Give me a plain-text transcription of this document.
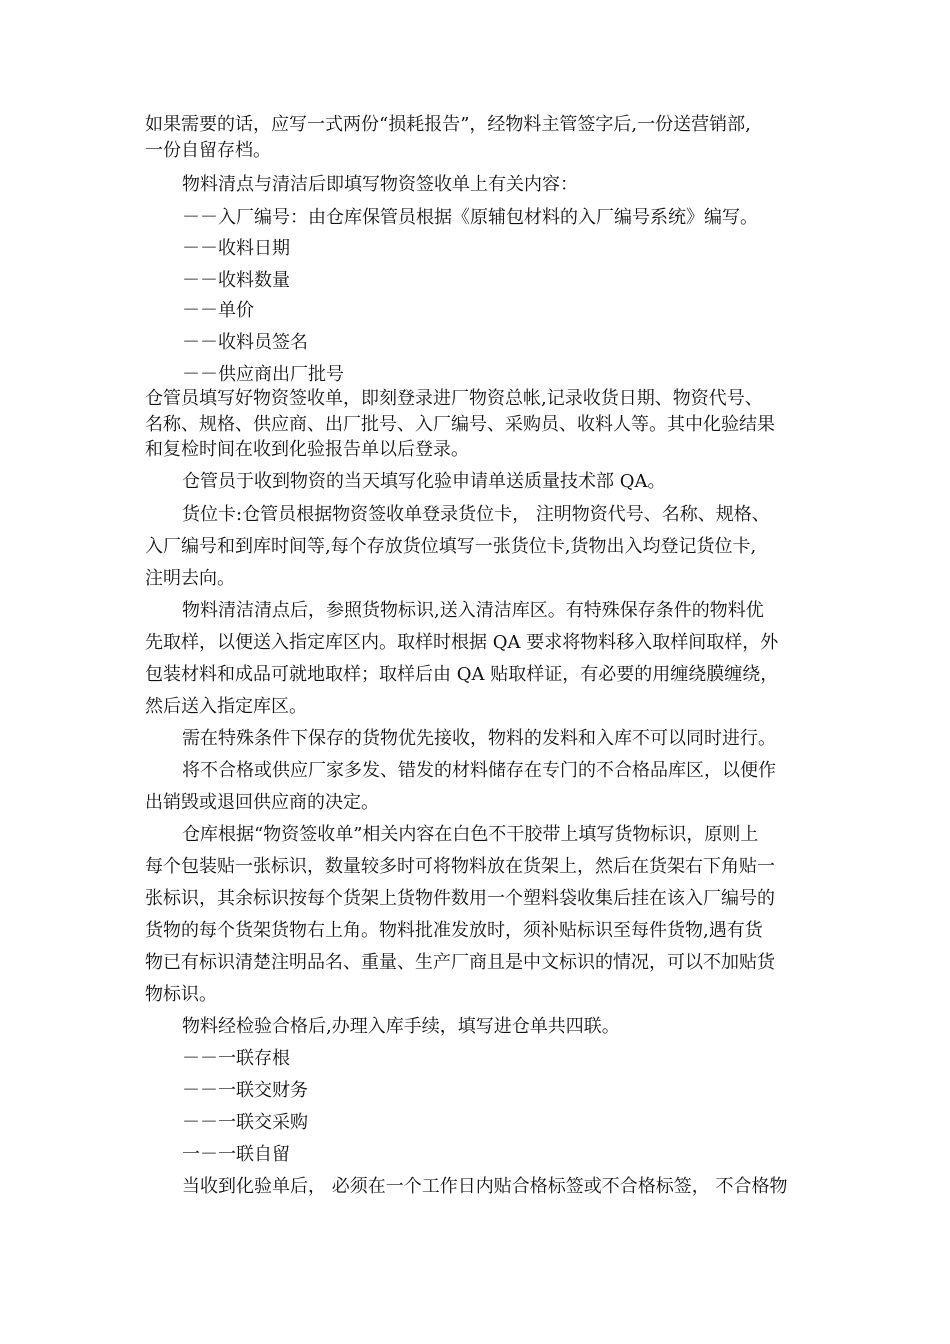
如果需要的话，应写一式两份“损耗报告”，经物料主管签字后,一份送营销部,
一份自留存档。
物料清点与清洁后即填写物资签收单上有关内容：
－－入厂编号：由仓库保管员根据《原辅包材料的入厂编号系统》编写。
－－收料日期
－－收料数量
－－单价
－－收料员签名
－－供应商出厂批号
仓管员填写好物资签收单，即刻登录进厂物资总帐,记录收货日期、物资代号、
名称、规格、供应商、出厂批号、入厂编号、采购员、收料人等。其中化验结果
和复检时间在收到化验报告单以后登录。
仓管员于收到物资的当天填写化验申请单送质量技术部 QA。
货位卡:仓管员根据物资签收单登录货位卡， 注明物资代号、名称、规格、
入厂编号和到库时间等,每个存放货位填写一张货位卡,货物出入均登记货位卡,
注明去向。
物料清洁清点后，参照货物标识,送入清洁库区。有特殊保存条件的物料优
先取样，以便送入指定库区内。取样时根据 QA 要求将物料移入取样间取样，外
包装材料和成品可就地取样；取样后由 QA 贴取样证，有必要的用缠绕膜缠绕，
然后送入指定库区。
需在特殊条件下保存的货物优先接收，物料的发料和入库不可以同时进行。
将不合格或供应厂家多发、错发的材料储存在专门的不合格品库区，以便作
出销毁或退回供应商的决定。
仓库根据“物资签收单”相关内容在白色不干胶带上填写货物标识，原则上
每个包装贴一张标识，数量较多时可将物料放在货架上，然后在货架右下角贴一
张标识，其余标识按每个货架上货物件数用一个塑料袋收集后挂在该入厂编号的
货物的每个货架货物右上角。物料批准发放时，须补贴标识至每件货物,遇有货
物已有标识清楚注明品名、重量、生产厂商且是中文标识的情况，可以不加贴货
物标识。
物料经检验合格后,办理入库手续，填写进仓单共四联。
－－一联存根
－－一联交财务
－－一联交采购
一－一联自留
当收到化验单后， 必须在一个工作日内贴合格标签或不合格标签， 不合格物
